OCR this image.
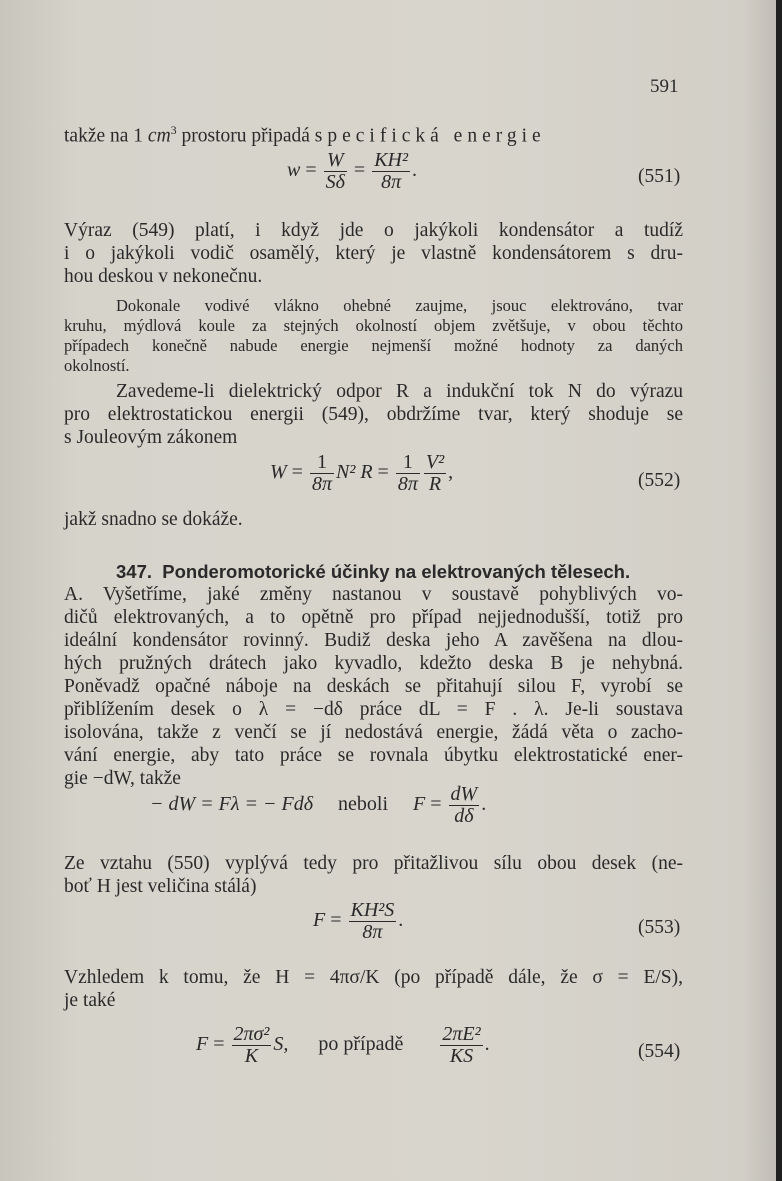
591
takže na 1 $cm^3$ prostoru připadá specifická energie
$w = \frac{W}{S\delta} = \frac{\text{KH²}}{8\pi}$ .	(551)
Výraz (549) platí, i když jde o jakýkoli kondensátor a tudíž
i o jakýkoli vodič osamělý, který je vlastně kondensátorem s dru-
hou deskou v nekonečnu.
Dokonale vodivé vlákno ohebné zaujme, jsouc elektrováno, tvar
kruhu, mýdlová koule za stejných okolností objem zvětšuje, v obou těchto
případech konečně nabude energie nejmenší možné hodnoty za daných
okolností.
Zavedeme-li dielektrický odpor R a indukční tok N do výrazu
pro elektrostatickou energii (549), obdržíme tvar, který shoduje se
s Jouleovým zákonem
$W = \frac{1}{8\pi} N^2$ $R = \frac{1}{8\pi} \frac{\text{V²}}{R}$ ,	(552)
jakž snadno se dokáže.
347. Ponderomotorické účinky na elektrovaných tělesech.
A. Vyšetříme, jaké změny nastanou v soustavě pohyblivých vo-
dičů elektrovaných, a to opětně pro případ nejjednodušší, totiž pro
ideální kondensátor rovinný. Budiž deska jeho A zavěšena na dlou-
hých pružných drátech jako kyvadlo, kdežto deska B je nehybná.
Poněvadž opačné náboje na deskách se přitahují silou F, vyrobí se
přiblížením desek o λ = −dδ práce dL = F . λ. Je-li soustava
isolována, takže z venčí se jí nedostává energie, žádá věta o zacho-
vání energie, aby tato práce se rovnala úbytku elektrostatické ener-
gie −dW, takže
− dW = Fλ = − Fdδ neboli $F = \frac{dW}{d\delta}$ .
Ze vztahu (550) vyplývá tedy pro přitažlivou sílu obou desek (ne-
boť H jest veličina stálá)
$F = \frac{\text{KH²S}}{8\pi}$ .	(553)
Vzhledem k tomu, že H = 4πσ/K (po případě dále, že σ = E/S),
je také
$F = \frac{\text{2πσ²}}{K} S$, po případě $\frac{\text{2πE²}}{KS}$ .	(554)
